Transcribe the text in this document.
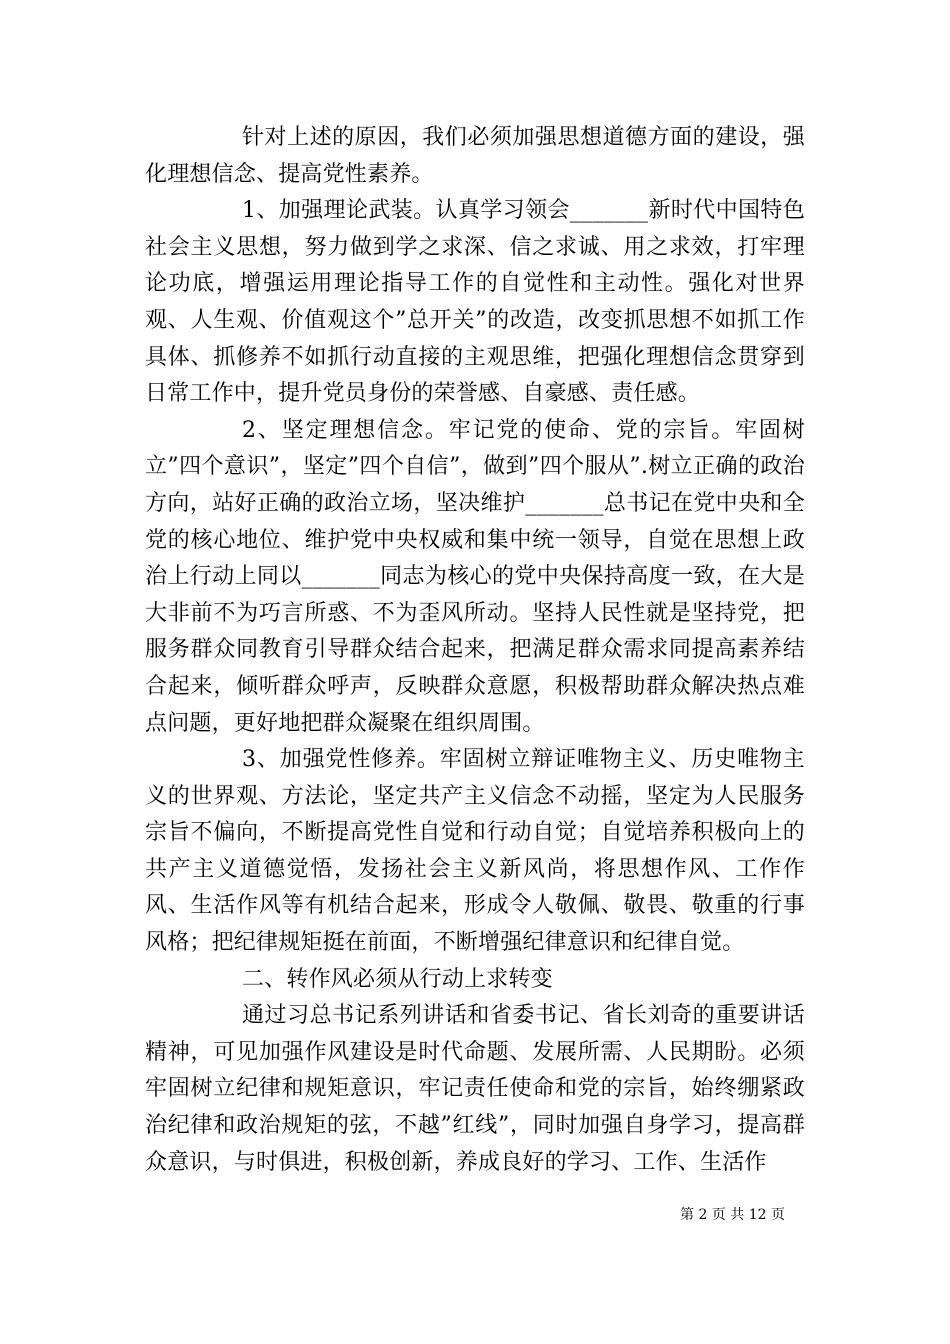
针对上述的原因，我们必须加强思想道德方面的建设，强化理想信念、提高党性素养。

1、加强理论武装。认真学习领会_______新时代中国特色社会主义思想，努力做到学之求深、信之求诚、用之求效，打牢理论功底，增强运用理论指导工作的自觉性和主动性。强化对世界观、人生观、价值观这个”总开关”的改造，改变抓思想不如抓工作具体、抓修养不如抓行动直接的主观思维，把强化理想信念贯穿到日常工作中，提升党员身份的荣誉感、自豪感、责任感。

2、坚定理想信念。牢记党的使命、党的宗旨。牢固树立”四个意识”，坚定”四个自信”，做到”四个服从”.树立正确的政治方向，站好正确的政治立场，坚决维护_______总书记在党中央和全党的核心地位、维护党中央权威和集中统一领导，自觉在思想上政治上行动上同以_______同志为核心的党中央保持高度一致，在大是大非前不为巧言所惑、不为歪风所动。坚持人民性就是坚持党，把服务群众同教育引导群众结合起来，把满足群众需求同提高素养结合起来，倾听群众呼声，反映群众意愿，积极帮助群众解决热点难点问题，更好地把群众凝聚在组织周围。

3、加强党性修养。牢固树立辩证唯物主义、历史唯物主义的世界观、方法论，坚定共产主义信念不动摇，坚定为人民服务宗旨不偏向，不断提高党性自觉和行动自觉；自觉培养积极向上的共产主义道德觉悟，发扬社会主义新风尚，将思想作风、工作作风、生活作风等有机结合起来，形成令人敬佩、敬畏、敬重的行事风格；把纪律规矩挺在前面，不断增强纪律意识和纪律自觉。

二、转作风必须从行动上求转变

通过习总书记系列讲话和省委书记、省长刘奇的重要讲话精神，可见加强作风建设是时代命题、发展所需、人民期盼。必须牢固树立纪律和规矩意识，牢记责任使命和党的宗旨，始终绷紧政治纪律和政治规矩的弦，不越”红线”，同时加强自身学习，提高群众意识，与时俱进，积极创新，养成良好的学习、工作、生活作

第 2 页 共 12 页
